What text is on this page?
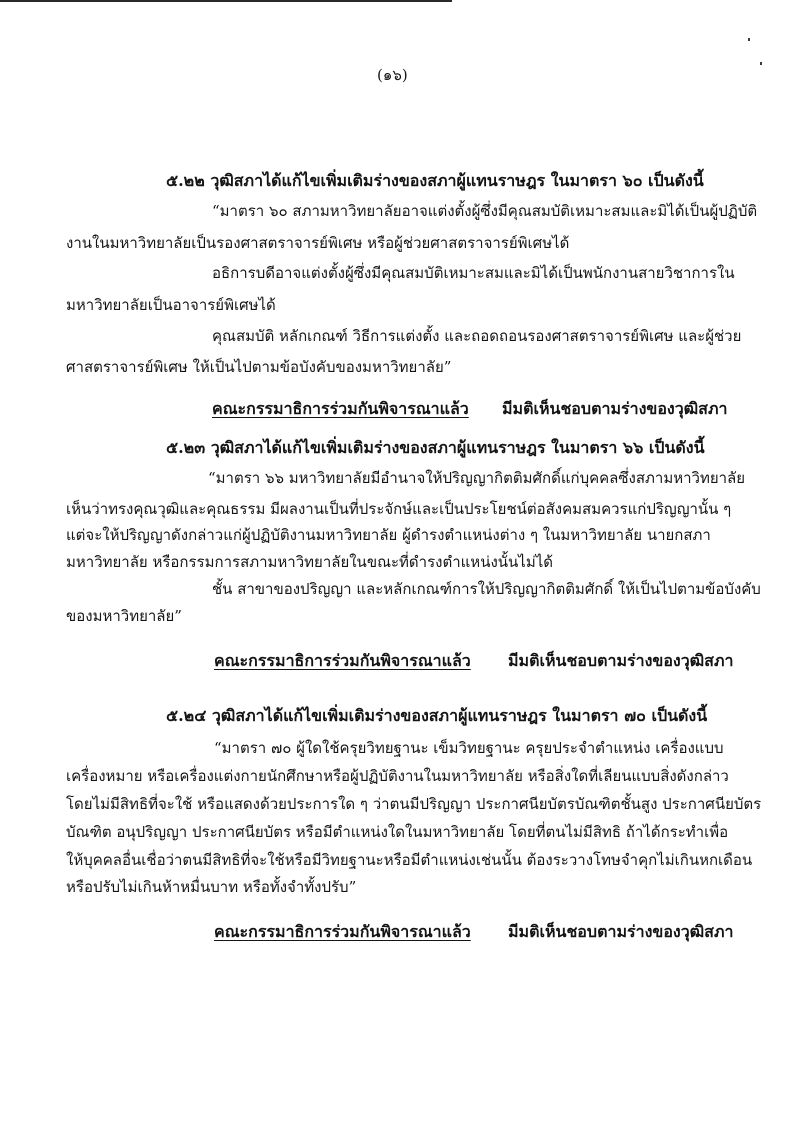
(๑๖)
๕.๒๒ วุฒิสภาได้แก้ไขเพิ่มเติมร่างของสภาผู้แทนราษฎร ในมาตรา ๖๐ เป็นดังนี้
“มาตรา ๖๐ สภามหาวิทยาลัยอาจแต่งตั้งผู้ซึ่งมีคุณสมบัติเหมาะสมและมิได้เป็นผู้ปฏิบัติ
งานในมหาวิทยาลัยเป็นรองศาสตราจารย์พิเศษ หรือผู้ช่วยศาสตราจารย์พิเศษได้
อธิการบดีอาจแต่งตั้งผู้ซึ่งมีคุณสมบัติเหมาะสมและมิได้เป็นพนักงานสายวิชาการใน
มหาวิทยาลัยเป็นอาจารย์พิเศษได้
คุณสมบัติ หลักเกณฑ์ วิธีการแต่งตั้ง และถอดถอนรองศาสตราจารย์พิเศษ และผู้ช่วย
ศาสตราจารย์พิเศษ ให้เป็นไปตามข้อบังคับของมหาวิทยาลัย”
คณะกรรมาธิการร่วมกันพิจารณาแล้ว มีมติเห็นชอบตามร่างของวุฒิสภา
๕.๒๓ วุฒิสภาได้แก้ไขเพิ่มเติมร่างของสภาผู้แทนราษฎร ในมาตรา ๖๖ เป็นดังนี้
“มาตรา ๖๖ มหาวิทยาลัยมีอำนาจให้ปริญญากิตติมศักดิ์แก่บุคคลซึ่งสภามหาวิทยาลัย
เห็นว่าทรงคุณวุฒิและคุณธรรม มีผลงานเป็นที่ประจักษ์และเป็นประโยชน์ต่อสังคมสมควรแก่ปริญญานั้น ๆ
แต่จะให้ปริญญาดังกล่าวแก่ผู้ปฏิบัติงานมหาวิทยาลัย ผู้ดำรงตำแหน่งต่าง ๆ ในมหาวิทยาลัย นายกสภา
มหาวิทยาลัย หรือกรรมการสภามหาวิทยาลัยในขณะที่ดำรงตำแหน่งนั้นไม่ได้
ชั้น สาขาของปริญญา และหลักเกณฑ์การให้ปริญญากิตติมศักดิ์ ให้เป็นไปตามข้อบังคับ
ของมหาวิทยาลัย”
คณะกรรมาธิการร่วมกันพิจารณาแล้ว มีมติเห็นชอบตามร่างของวุฒิสภา
๕.๒๔ วุฒิสภาได้แก้ไขเพิ่มเติมร่างของสภาผู้แทนราษฎร ในมาตรา ๗๐ เป็นดังนี้
“มาตรา ๗๐ ผู้ใดใช้ครุยวิทยฐานะ เข็มวิทยฐานะ ครุยประจำตำแหน่ง เครื่องแบบ
เครื่องหมาย หรือเครื่องแต่งกายนักศึกษาหรือผู้ปฏิบัติงานในมหาวิทยาลัย หรือสิ่งใดที่เลียนแบบสิ่งดังกล่าว
โดยไม่มีสิทธิที่จะใช้ หรือแสดงด้วยประการใด ๆ ว่าตนมีปริญญา ประกาศนียบัตรบัณฑิตชั้นสูง ประกาศนียบัตร
บัณฑิต อนุปริญญา ประกาศนียบัตร หรือมีตำแหน่งใดในมหาวิทยาลัย โดยที่ตนไม่มีสิทธิ ถ้าได้กระทำเพื่อ
ให้บุคคลอื่นเชื่อว่าตนมีสิทธิที่จะใช้หรือมีวิทยฐานะหรือมีตำแหน่งเช่นนั้น ต้องระวางโทษจำคุกไม่เกินหกเดือน
หรือปรับไม่เกินห้าหมื่นบาท หรือทั้งจำทั้งปรับ”
คณะกรรมาธิการร่วมกันพิจารณาแล้ว มีมติเห็นชอบตามร่างของวุฒิสภา
